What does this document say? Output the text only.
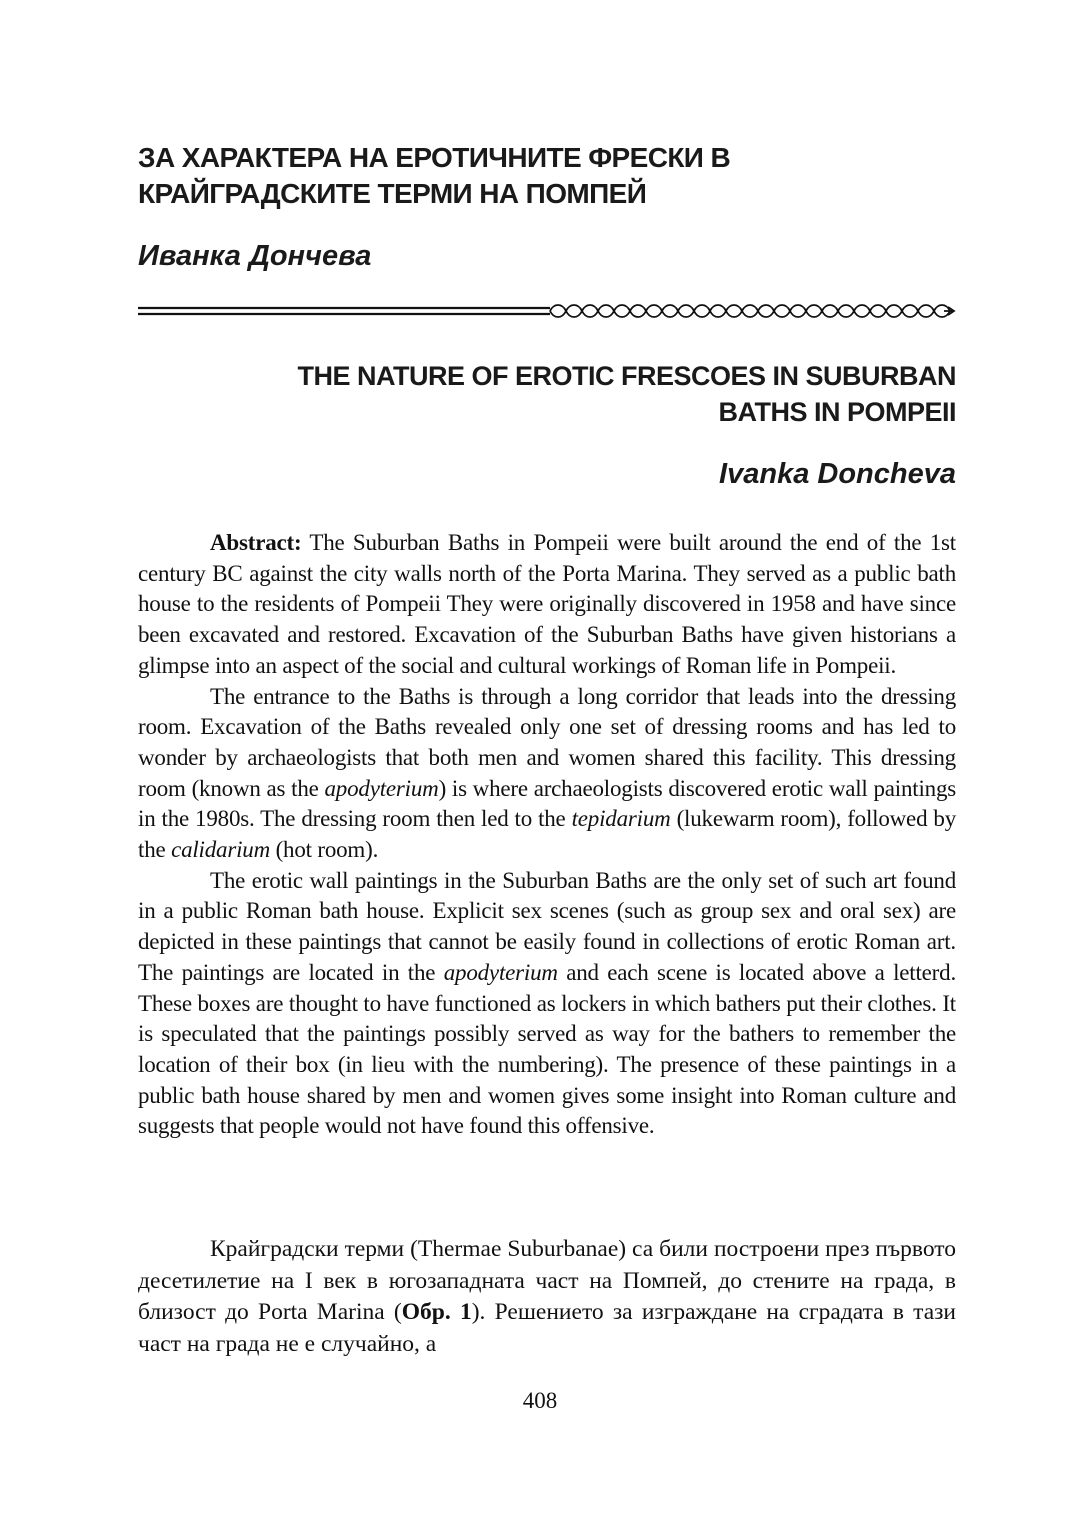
ЗА ХАРАКТЕРА НА ЕРОТИЧНИТЕ ФРЕСКИ В
КРАЙГРАДСКИТЕ ТЕРМИ НА ПОМПЕЙ
Иванка Дончева
THE NATURE OF EROTIC FRESCOES IN SUBURBAN
BATHS IN POMPEII
Ivanka Doncheva

Abstract: The Suburban Baths in Pompeii were built around the end of the 1st century BC against the city walls north of the Porta Marina. They served as a public bath house to the residents of Pompeii They were originally discovered in 1958 and have since been excavated and restored. Excavation of the Suburban Baths have given historians a glimpse into an aspect of the social and cultural workings of Roman life in Pompeii.

The entrance to the Baths is through a long corridor that leads into the dressing room. Excavation of the Baths revealed only one set of dressing rooms and has led to wonder by archaeologists that both men and women shared this facility. This dressing room (known as the apodyterium) is where archaeologists discovered erotic wall paintings in the 1980s. The dressing room then led to the tepidarium (lukewarm room), followed by the calidarium (hot room).

The erotic wall paintings in the Suburban Baths are the only set of such art found in a public Roman bath house. Explicit sex scenes (such as group sex and oral sex) are depicted in these paintings that cannot be easily found in collections of erotic Roman art. The paintings are located in the apodyterium and each scene is located above a letterd. These boxes are thought to have functioned as lockers in which bathers put their clothes. It is speculated that the paintings possibly served as way for the bathers to remember the location of their box (in lieu with the numbering). The presence of these paintings in a public bath house shared by men and women gives some insight into Roman culture and suggests that people would not have found this offensive.

Крайградски терми (Thermae Suburbanae) са били построени през първото десетилетие на I век в югозападната част на Помпей, до стените на града, в близост до Porta Marina (Обр. 1). Решението за изграждане на сградата в тази част на града не е случайно, а

408
